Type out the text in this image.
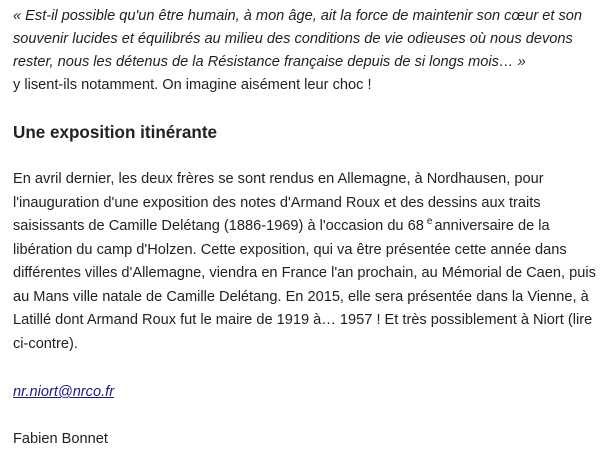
« Est-il possible qu'un être humain, à mon âge, ait la force de maintenir son cœur et son
souvenir lucides et équilibrés au milieu des conditions de vie odieuses où nous devons
rester, nous les détenus de la Résistance française depuis de si longs mois… »

y lisent-ils notamment. On imagine aisément leur choc !

Une exposition itinérante

En avril dernier, les deux frères se sont rendus en Allemagne, à Nordhausen, pour l'inauguration d'une exposition des notes d'Armand Roux et des dessins aux traits saisissants de Camille Delétang (1886-1969) à l'occasion du 68 $^e$ anniversaire de la libération du camp d'Holzen. Cette exposition, qui va être présentée cette année dans différentes villes d'Allemagne, viendra en France l'an prochain, au Mémorial de Caen, puis au Mans ville natale de Camille Delétang. En 2015, elle sera présentée dans la Vienne, à Latillé dont Armand Roux fut le maire de 1919 à… 1957 ! Et très possiblement à Niort (lire ci-contre).

nr.niort@nrco.fr

Fabien Bonnet
